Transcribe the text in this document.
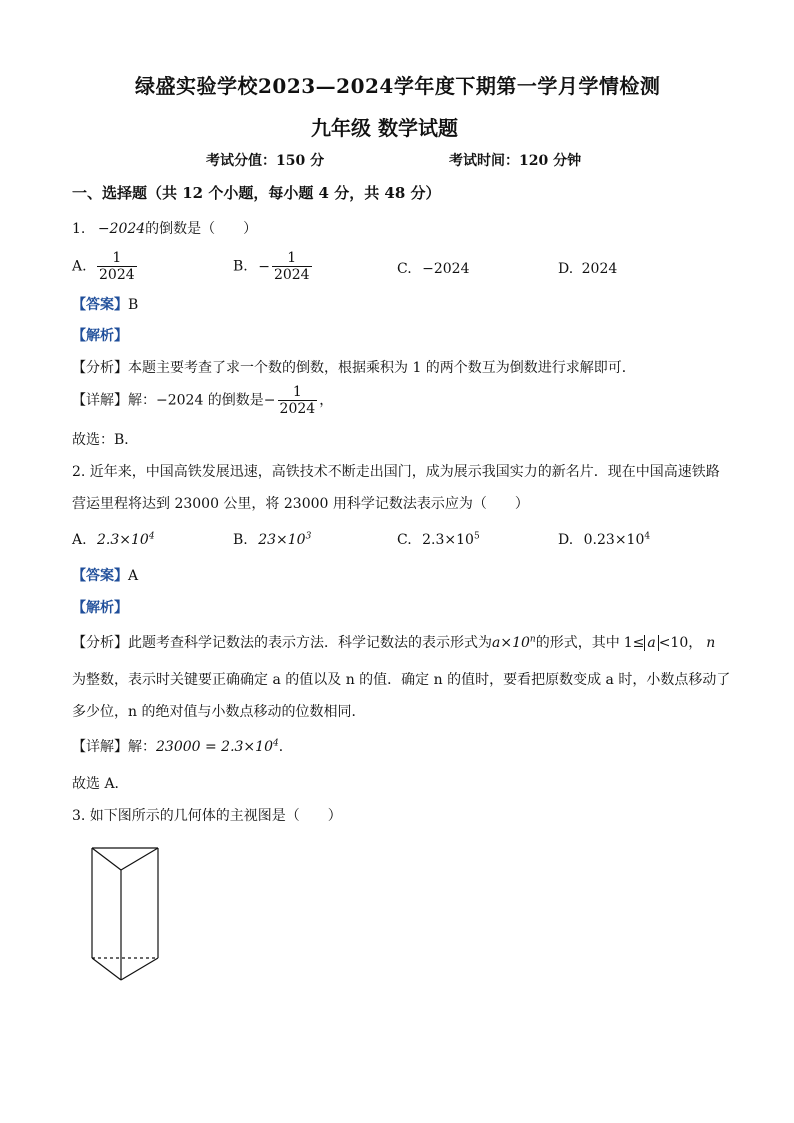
绿盛实验学校2023—2024学年度下期第一学月学情检测
九年级 数学试题
考试分值：150 分	考试时间：120 分钟
一、选择题（共 12 个小题，每小题 4 分，共 48 分）
1. −2024的倒数是（　　）
A. $\frac{1}{2024}$	B. − $\frac{1}{2024}$	C. −2024	D. 2024
【答案】B
【解析】
【分析】本题主要考查了求一个数的倒数，根据乘积为 1 的两个数互为倒数进行求解即可．
【详解】解：−2024 的倒数是− $\frac{1}{2024}$ ，
故选：B．
2. 近年来，中国高铁发展迅速，高铁技术不断走出国门，成为展示我国实力的新名片．现在中国高速铁路
营运里程将达到 23000 公里，将 23000 用科学记数法表示应为（　　）
A. $2.3\times 10^4$	B. $23\times 10^3$	C. $2.3\times 10^5$	D. $0.23\times 10^4$
【答案】A
【解析】
【分析】此题考查科学记数法的表示方法．科学记数法的表示形式为$a\times 10^n$的形式，其中 1≤ a <10， n
为整数，表示时关键要正确确定 a 的值以及 n 的值．确定 n 的值时，要看把原数变成 a 时，小数点移动了
多少位，n 的绝对值与小数点移动的位数相同．
【详解】解：$23000 = 2.3\times 10^4$．
故选 A．
3. 如下图所示的几何体的主视图是（　　）
